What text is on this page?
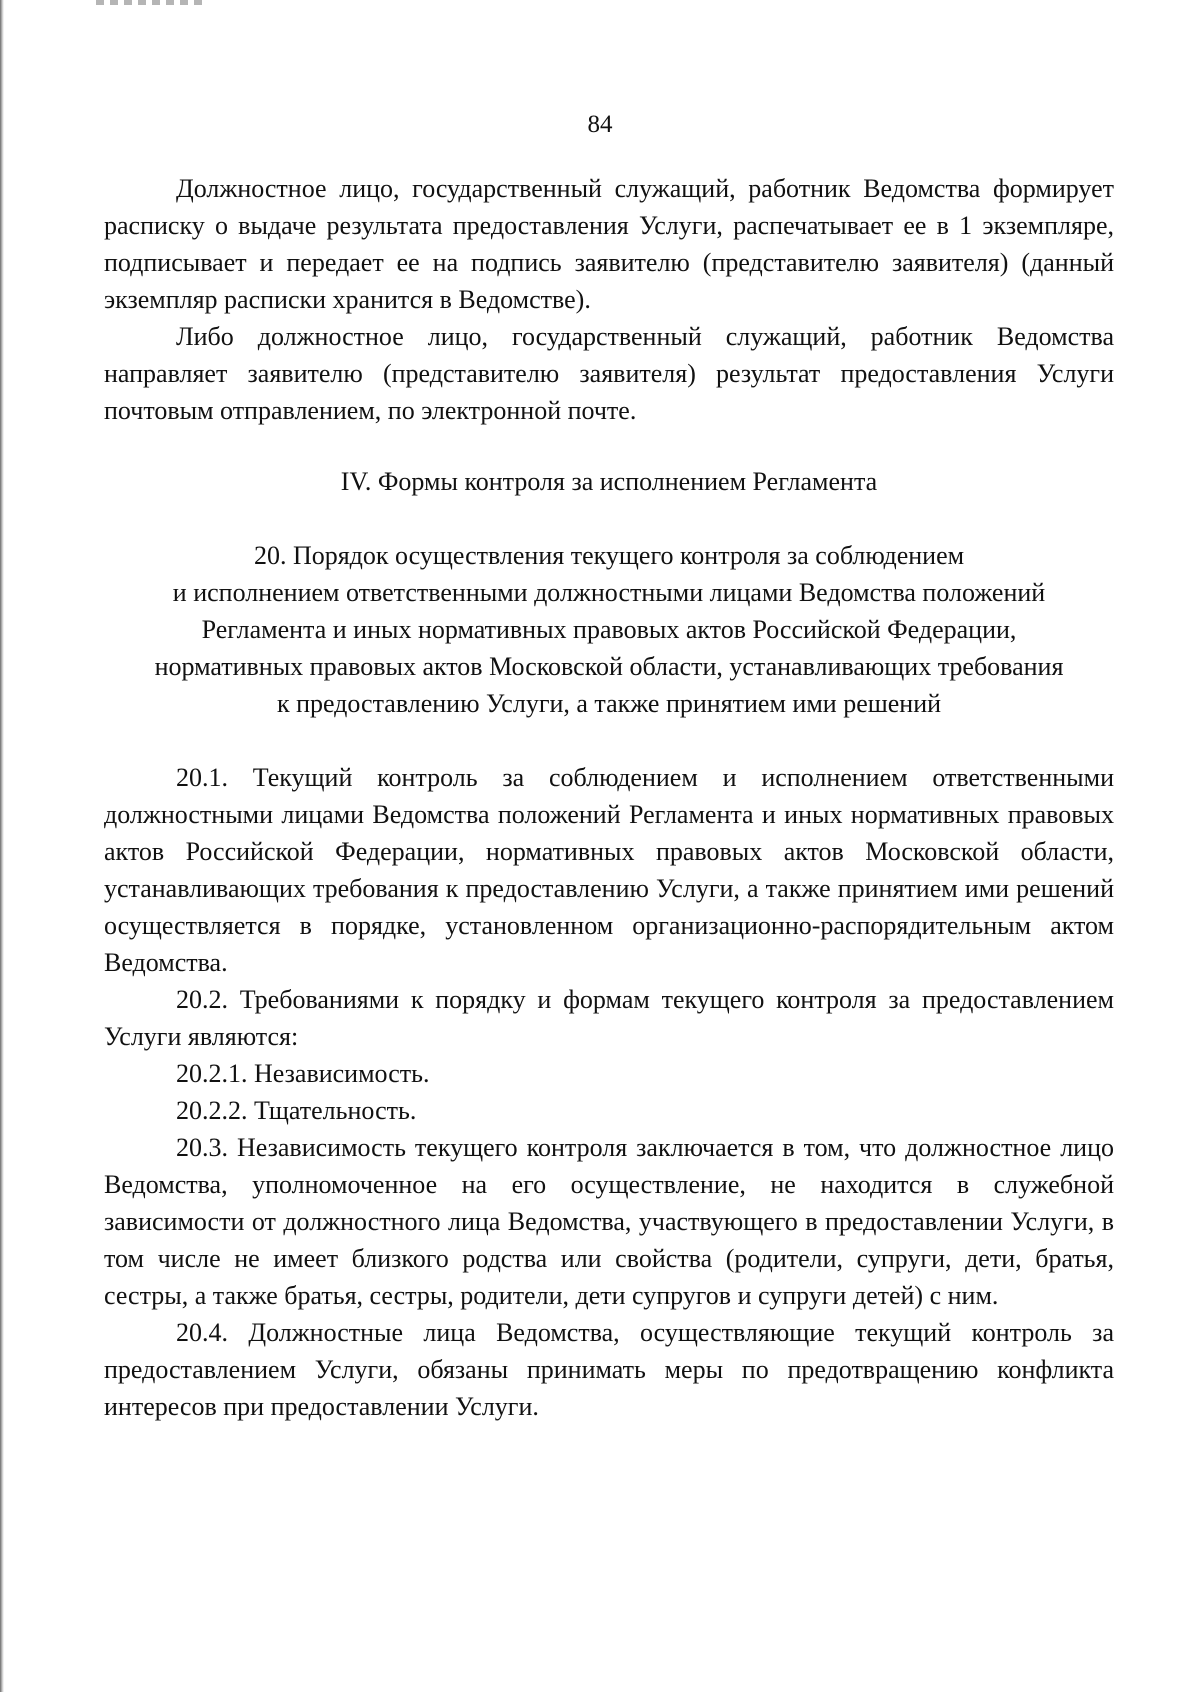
84

Должностное лицо, государственный служащий, работник Ведомства формирует расписку о выдаче результата предоставления Услуги, распечатывает ее в 1 экземпляре, подписывает и передает ее на подпись заявителю (представителю заявителя) (данный экземпляр расписки хранится в Ведомстве).

Либо должностное лицо, государственный служащий, работник Ведомства направляет заявителю (представителю заявителя) результат предоставления Услуги почтовым отправлением, по электронной почте.

IV. Формы контроля за исполнением Регламента
20. Порядок осуществления текущего контроля за соблюдением
и исполнением ответственными должностными лицами Ведомства положений
Регламента и иных нормативных правовых актов Российской Федерации,
нормативных правовых актов Московской области, устанавливающих требования
к предоставлению Услуги, а также принятием ими решений

20.1. Текущий контроль за соблюдением и исполнением ответственными должностными лицами Ведомства положений Регламента и иных нормативных правовых актов Российской Федерации, нормативных правовых актов Московской области, устанавливающих требования к предоставлению Услуги, а также принятием ими решений осуществляется в порядке, установленном организационно-распорядительным актом Ведомства.

20.2. Требованиями к порядку и формам текущего контроля за предоставлением Услуги являются:

20.2.1. Независимость.

20.2.2. Тщательность.

20.3. Независимость текущего контроля заключается в том, что должностное лицо Ведомства, уполномоченное на его осуществление, не находится в служебной зависимости от должностного лица Ведомства, участвующего в предоставлении Услуги, в том числе не имеет близкого родства или свойства (родители, супруги, дети, братья, сестры, а также братья, сестры, родители, дети супругов и супруги детей) с ним.

20.4. Должностные лица Ведомства, осуществляющие текущий контроль за предоставлением Услуги, обязаны принимать меры по предотвращению конфликта интересов при предоставлении Услуги.
